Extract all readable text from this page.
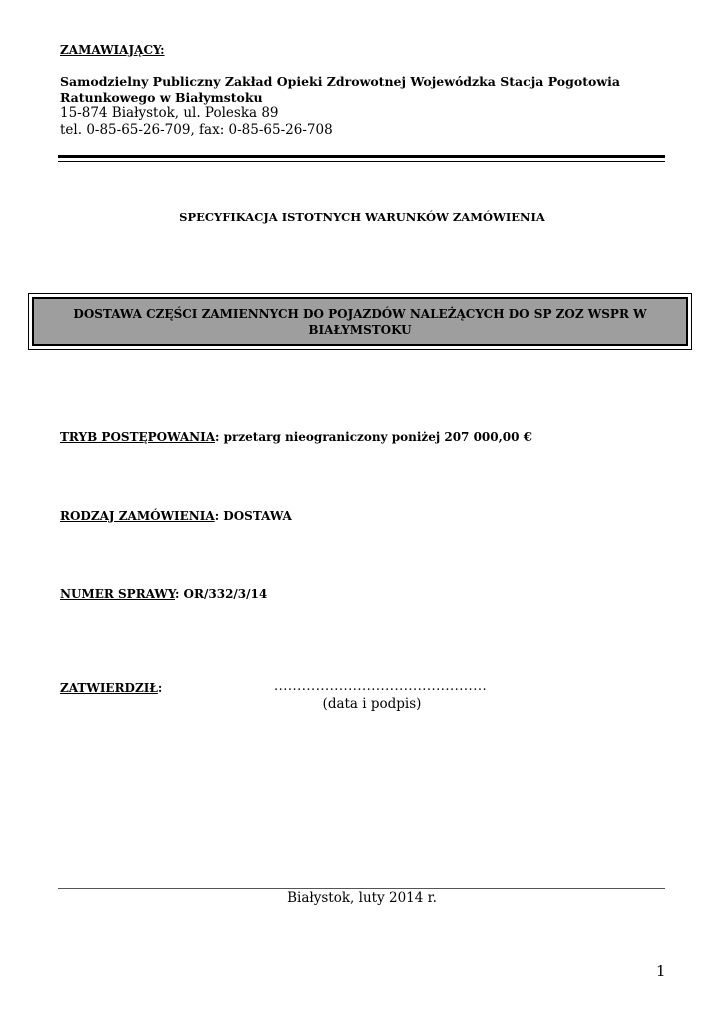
ZAMAWIAJĄCY:
Samodzielny Publiczny Zakład Opieki Zdrowotnej Wojewódzka Stacja Pogotowia
Ratunkowego w Białymstoku
15-874 Białystok, ul. Poleska 89
tel. 0-85-65-26-709, fax: 0-85-65-26-708
SPECYFIKACJA ISTOTNYCH WARUNKÓW ZAMÓWIENIA
DOSTAWA CZĘŚCI ZAMIENNYCH DO POJAZDÓW NALEŻĄCYCH DO SP ZOZ WSPR W BIAŁYMSTOKU
TRYB POSTĘPOWANIA: przetarg nieograniczony poniżej 207 000,00 €
RODZAJ ZAMÓWIENIA: DOSTAWA
NUMER SPRAWY: OR/332/3/14
ZATWIERDZIŁ:	..............................................
(data i podpis)
Białystok, luty 2014 r.
1
